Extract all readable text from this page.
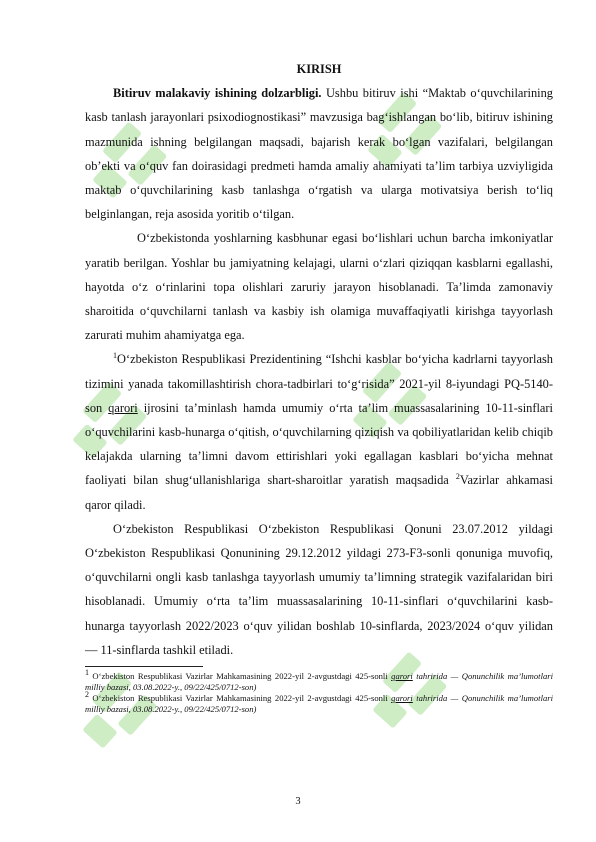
KIRISH

Bitiruv malakaviy ishining dolzarbligi. Ushbu bitiruv ishi “Maktab o‘quvchilarining kasb tanlash jarayonlari psixodiognostikasi” mavzusiga bag‘ishlangan bo‘lib, bitiruv ishining mazmunida ishning belgilangan maqsadi, bajarish kerak bo‘lgan vazifalari, belgilangan ob’ekti va o‘quv fan doirasidagi predmeti hamda amaliy ahamiyati ta’lim tarbiya uzviyligida maktab o‘quvchilarining kasb tanlashga o‘rgatish va ularga motivatsiya berish to‘liq belginlangan, reja asosida yoritib o‘tilgan.

O‘zbekistonda yoshlarning kasbhunar egasi bo‘lishlari uchun barcha imkoniyatlar yaratib berilgan. Yoshlar bu jamiyatning kelajagi, ularni o‘zlari qiziqqan kasblarni egallashi, hayotda o‘z o‘rinlarini topa olishlari zaruriy jarayon hisoblanadi. Ta’limda zamonaviy sharoitida o‘quvchilarni tanlash va kasbiy ish olamiga muvaffaqiyatli kirishga tayyorlash zarurati muhim ahamiyatga ega.

$^1$O‘zbekiston Respublikasi Prezidentining “Ishchi kasblar bo‘yicha kadrlarni tayyorlash tizimini yanada takomillashtirish chora-tadbirlari to‘g‘risida” 2021-yil 8-iyundagi PQ-5140-son qarori ijrosini ta’minlash hamda umumiy o‘rta ta’lim muassasalarining 10-11-sinflari o‘quvchilarini kasb-hunarga o‘qitish, o‘quvchilarning qiziqish va qobiliyatlaridan kelib chiqib kelajakda ularning ta’limni davom ettirishlari yoki egallagan kasblari bo‘yicha mehnat faoliyati bilan shug‘ullanishlariga shart-sharoitlar yaratish maqsadida $^2$Vazirlar ahkamasi qaror qiladi.

O‘zbekiston Respublikasi O‘zbekiston Respublikasi Qonuni 23.07.2012 yildagi O‘zbekiston Respublikasi Qonunining 29.12.2012 yildagi 273-F3-sonli qonuniga muvofiq, o‘quvchilarni ongli kasb tanlashga tayyorlash umumiy ta’limning strategik vazifalaridan biri hisoblanadi. Umumiy o‘rta ta’lim muassasalarining 10-11-sinflari o‘quvchilarini kasb-hunarga tayyorlash 2022/2023 o‘quv yilidan boshlab 10-sinflarda, 2023/2024 o‘quv yilidan — 11-sinflarda tashkil etiladi.

$^1$ O‘zbekiston Respublikasi Vazirlar Mahkamasining 2022-yil 2-avgustdagi 425-sonli qarori tahririda — Qonunchilik ma’lumotlari milliy bazasi, 03.08.2022-y., 09/22/425/0712-son)

$^2$ O‘zbekiston Respublikasi Vazirlar Mahkamasining 2022-yil 2-avgustdagi 425-sonli qarori tahririda — Qonunchilik ma’lumotlari milliy bazasi, 03.08.2022-y., 09/22/425/0712-son)

3
